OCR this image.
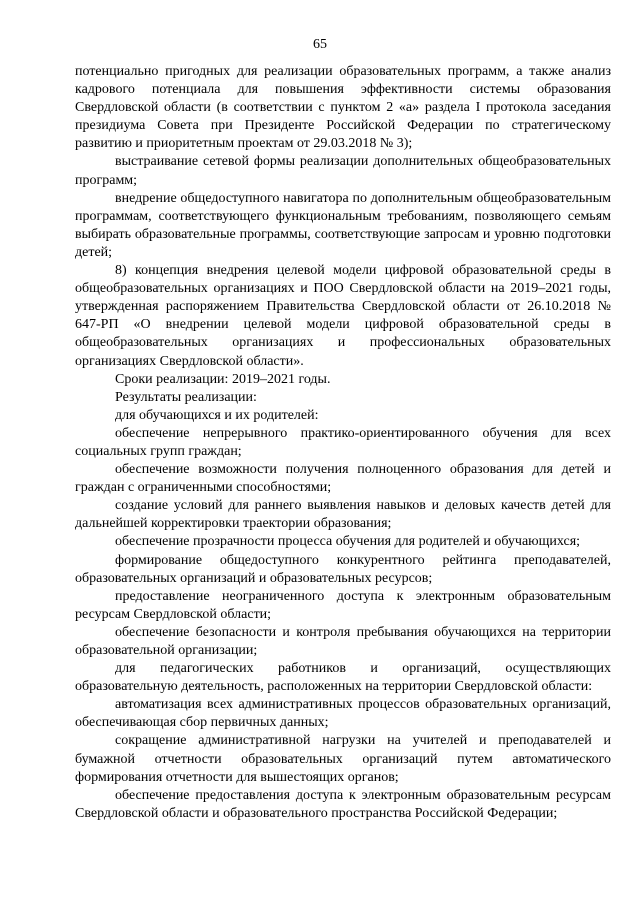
65

потенциально пригодных для реализации образовательных программ, а также анализ кадрового потенциала для повышения эффективности системы образования Свердловской области (в соответствии с пунктом 2 «а» раздела I протокола заседания президиума Совета при Президенте Российской Федерации по стратегическому развитию и приоритетным проектам от 29.03.2018 № 3);

выстраивание сетевой формы реализации дополнительных общеобразовательных программ;

внедрение общедоступного навигатора по дополнительным общеобразовательным программам, соответствующего функциональным требованиям, позволяющего семьям выбирать образовательные программы, соответствующие запросам и уровню подготовки детей;

8) концепция внедрения целевой модели цифровой образовательной среды в общеобразовательных организациях и ПОО Свердловской области на 2019–2021 годы, утвержденная распоряжением Правительства Свердловской области от 26.10.2018 № 647-РП «О внедрении целевой модели цифровой образовательной среды в общеобразовательных организациях и профессиональных образовательных организациях Свердловской области».

Сроки реализации: 2019–2021 годы.

Результаты реализации:

для обучающихся и их родителей:

обеспечение непрерывного практико-ориентированного обучения для всех социальных групп граждан;

обеспечение возможности получения полноценного образования для детей и граждан с ограниченными способностями;

создание условий для раннего выявления навыков и деловых качеств детей для дальнейшей корректировки траектории образования;

обеспечение прозрачности процесса обучения для родителей и обучающихся;

формирование общедоступного конкурентного рейтинга преподавателей, образовательных организаций и образовательных ресурсов;

предоставление неограниченного доступа к электронным образовательным ресурсам Свердловской области;

обеспечение безопасности и контроля пребывания обучающихся на территории образовательной организации;

для педагогических работников и организаций, осуществляющих образовательную деятельность, расположенных на территории Свердловской области:

автоматизация всех административных процессов образовательных организаций, обеспечивающая сбор первичных данных;

сокращение административной нагрузки на учителей и преподавателей и бумажной отчетности образовательных организаций путем автоматического формирования отчетности для вышестоящих органов;

обеспечение предоставления доступа к электронным образовательным ресурсам Свердловской области и образовательного пространства Российской Федерации;
